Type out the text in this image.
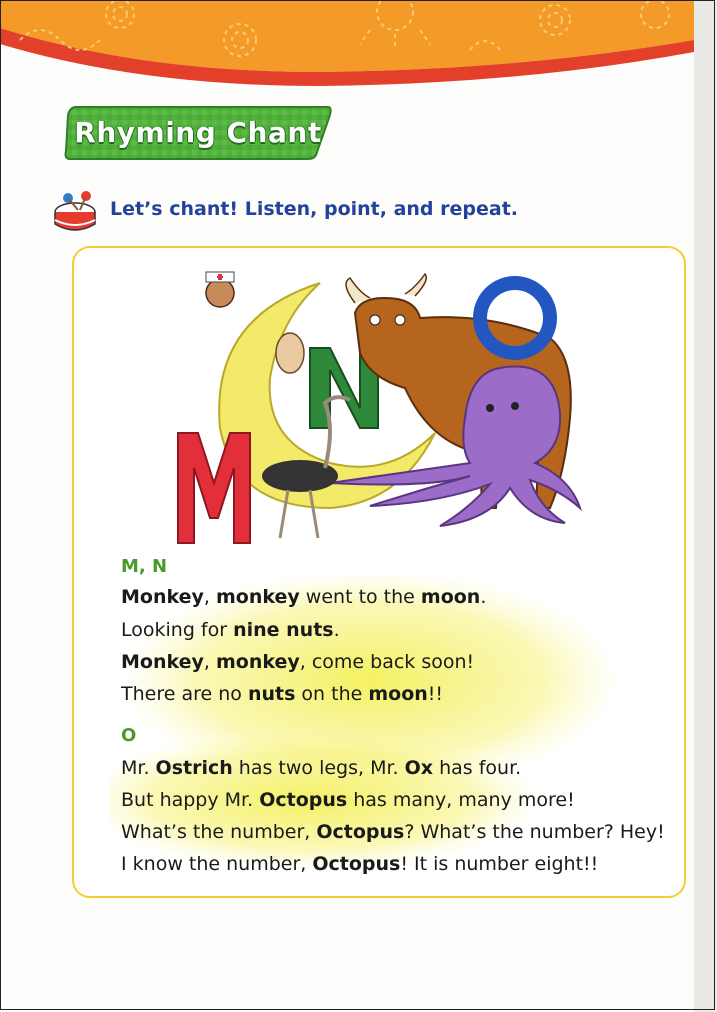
Rhyming Chant
Let’s chant! Listen, point, and repeat.
M, N
Monkey, monkey went to the moon.
Looking for nine nuts.
Monkey, monkey, come back soon!
There are no nuts on the moon!!
O
Mr. Ostrich has two legs, Mr. Ox has four.
But happy Mr. Octopus has many, many more!
What’s the number, Octopus? What’s the number? Hey!
I know the number, Octopus! It is number eight!!
